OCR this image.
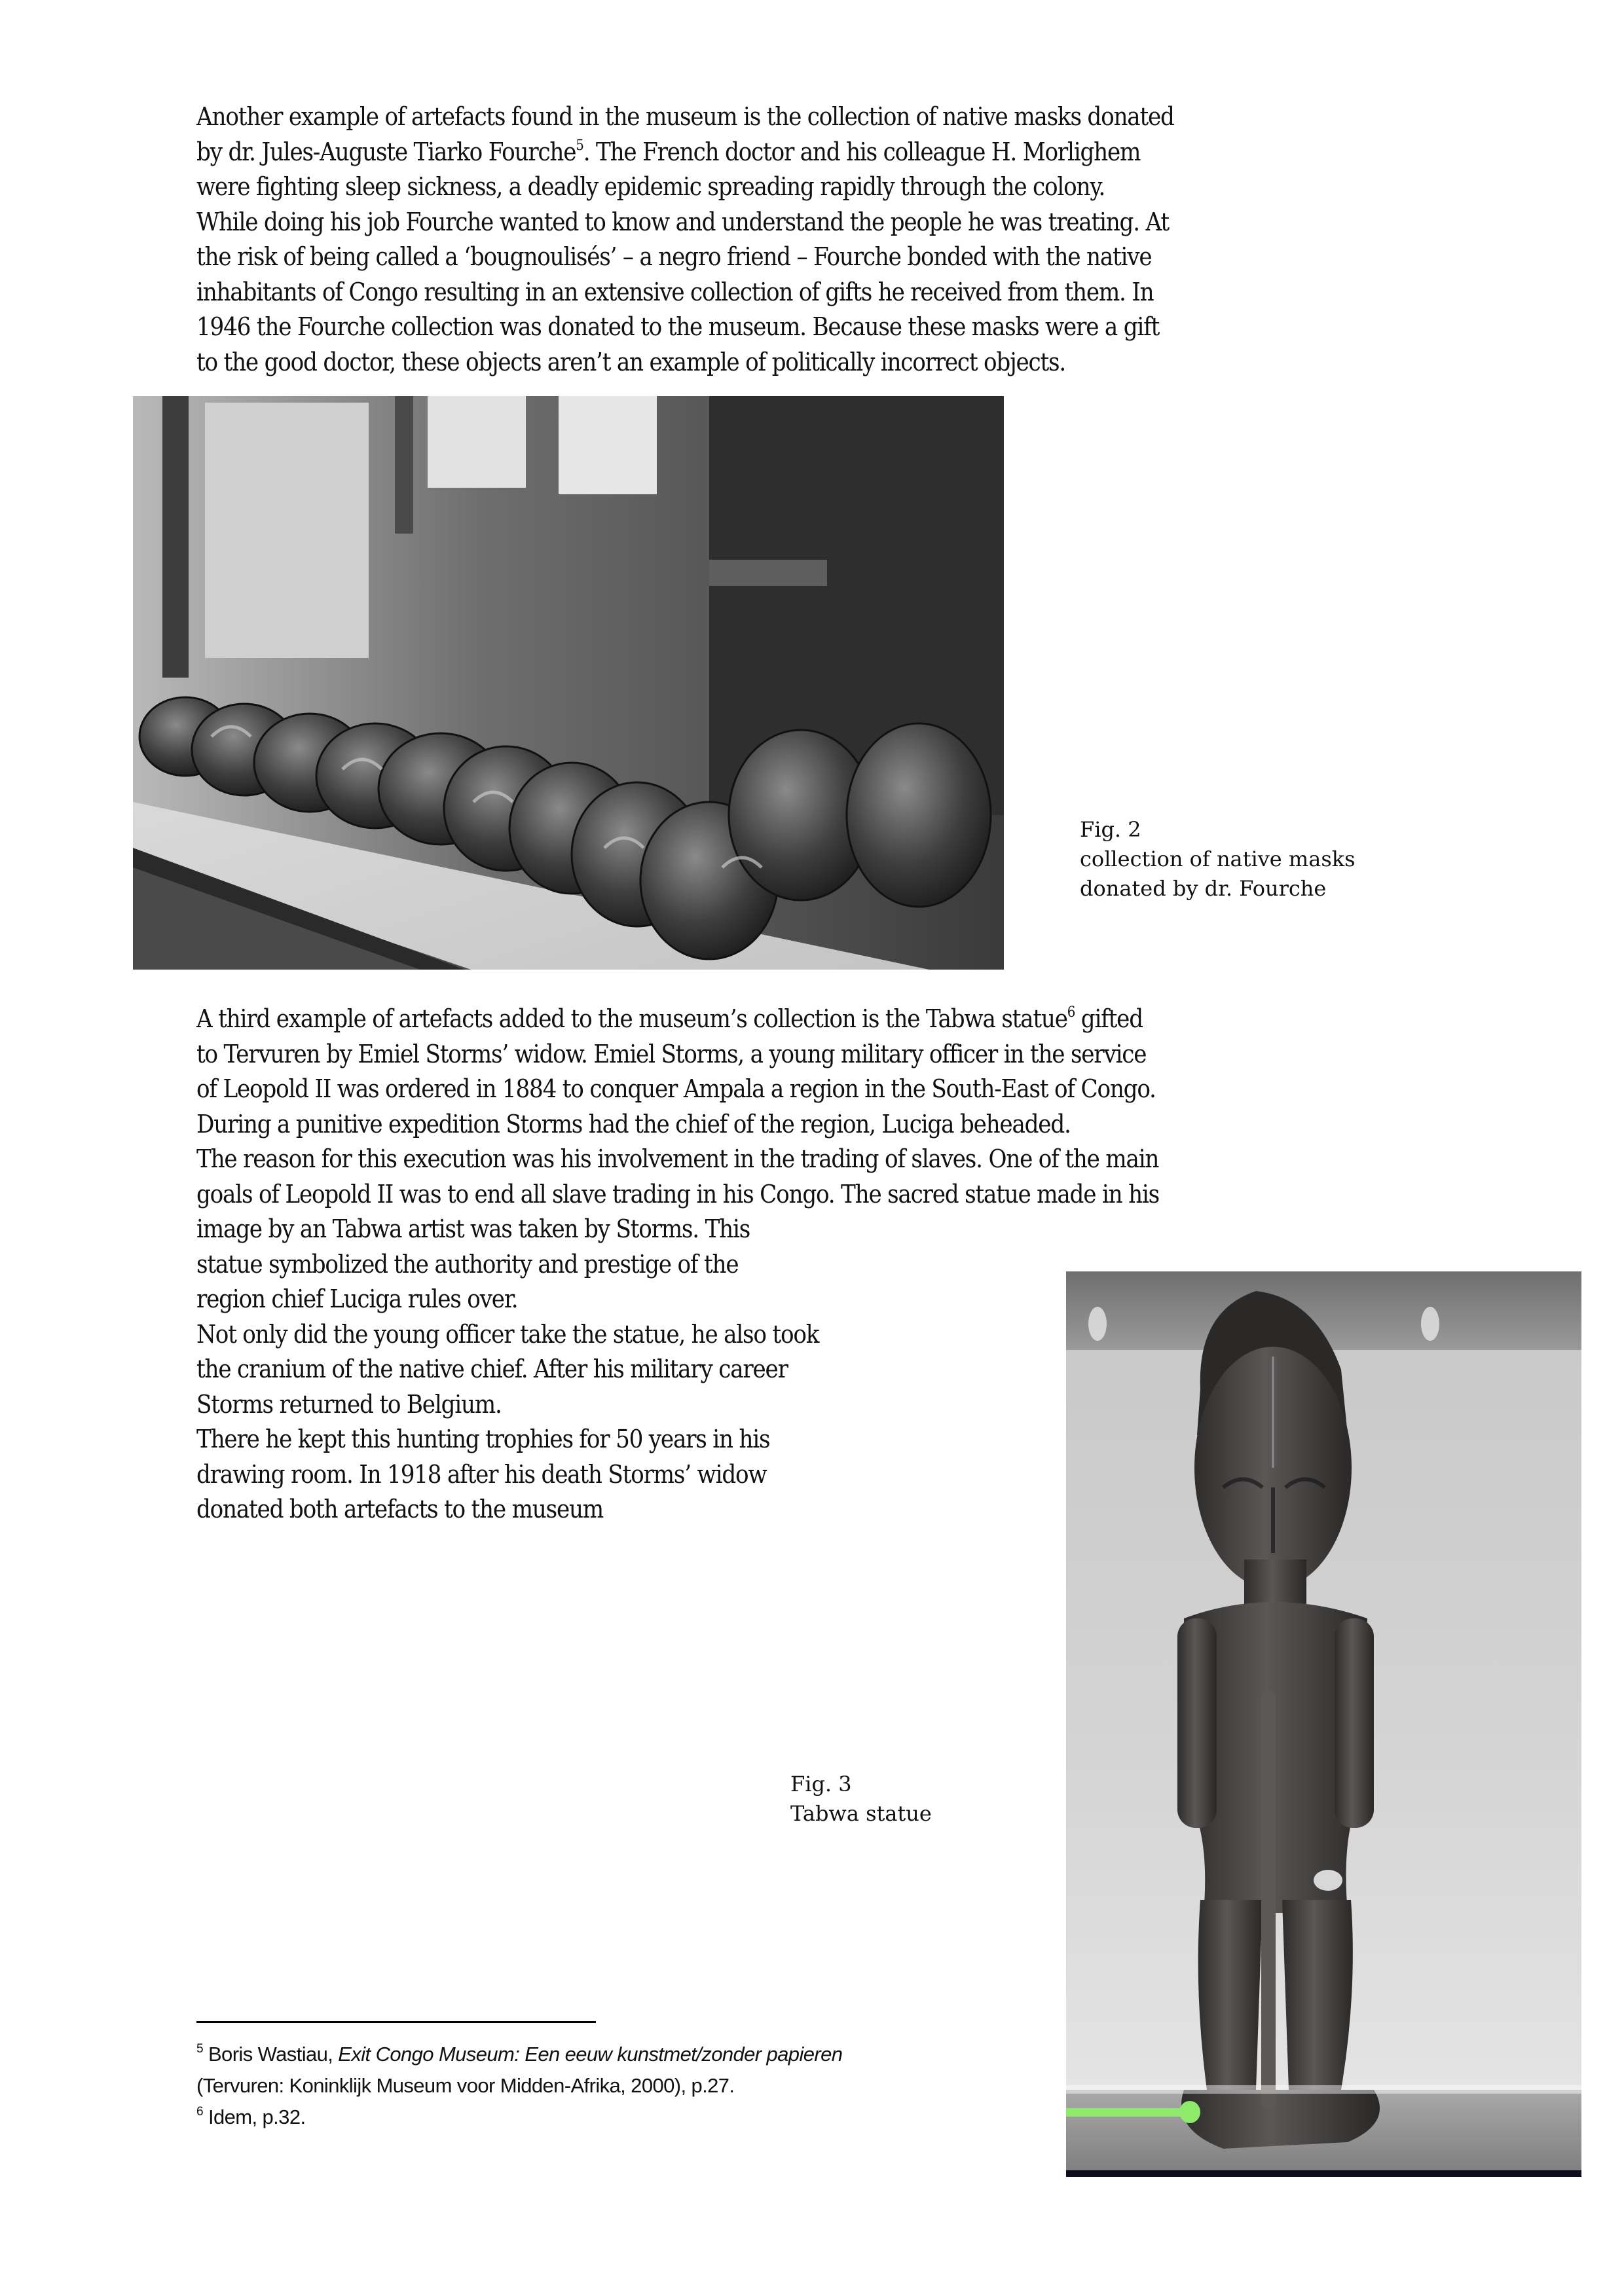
Another example of artefacts found in the museum is the collection of native masks donated
by dr. Jules-Auguste Tiarko Fourche$^5$. The French doctor and his colleague H. Morlighem
were fighting sleep sickness, a deadly epidemic spreading rapidly through the colony.
While doing his job Fourche wanted to know and understand the people he was treating. At
the risk of being called a ‘bougnoulisés’ – a negro friend – Fourche bonded with the native
inhabitants of Congo resulting in an extensive collection of gifts he received from them. In
1946 the Fourche collection was donated to the museum. Because these masks were a gift
to the good doctor, these objects aren’t an example of politically incorrect objects.
Fig. 2
collection of native masks
donated by dr. Fourche
A third example of artefacts added to the museum’s collection is the Tabwa statue$^6$ gifted
to Tervuren by Emiel Storms’ widow. Emiel Storms, a young military officer in the service
of Leopold II was ordered in 1884 to conquer Ampala a region in the South-East of Congo.
During a punitive expedition Storms had the chief of the region, Luciga beheaded.
The reason for this execution was his involvement in the trading of slaves. One of the main
goals of Leopold II was to end all slave trading in his Congo. The sacred statue made in his
image by an Tabwa artist was taken by Storms. This
statue symbolized the authority and prestige of the
region chief Luciga rules over.
Not only did the young officer take the statue, he also took
the cranium of the native chief. After his military career
Storms returned to Belgium.
There he kept this hunting trophies for 50 years in his
drawing room. In 1918 after his death Storms’ widow
donated both artefacts to the museum
Fig. 3
Tabwa statue
$^5$ Boris Wastiau, Exit Congo Museum: Een eeuw kunstmet/zonder papieren
(Tervuren: Koninklijk Museum voor Midden-Afrika, 2000), p.27.
$^6$ Idem, p.32.
